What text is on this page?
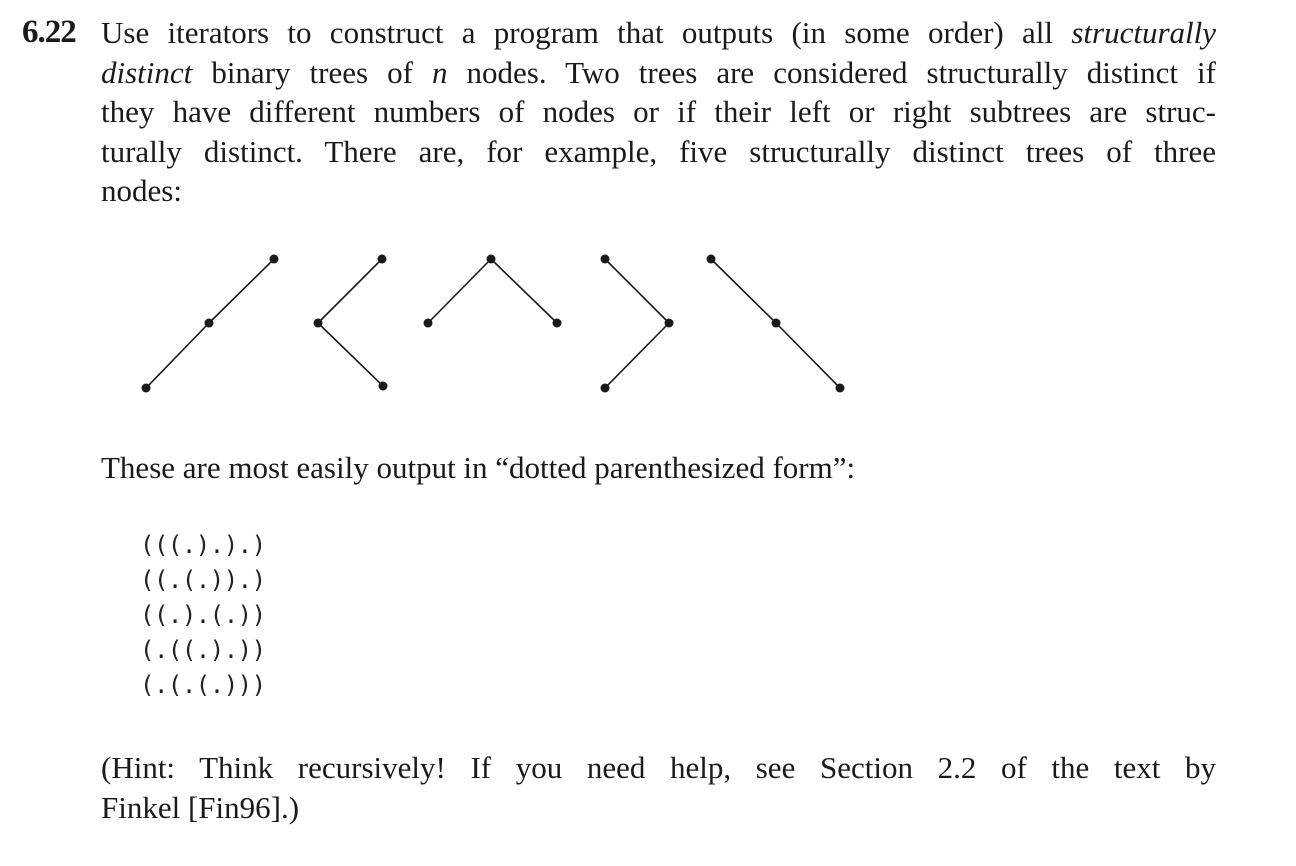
6.22 Use iterators to construct a program that outputs (in some order) all structurally
distinct binary trees of n nodes. Two trees are considered structurally distinct if
they have different numbers of nodes or if their left or right subtrees are struc-
turally distinct. There are, for example, five structurally distinct trees of three
nodes:
These are most easily output in “dotted parenthesized form”:
(((.).).)
((.(.)).)
((.).(.))
(.((.).))
(.(.(.)))
(Hint: Think recursively! If you need help, see Section 2.2 of the text by
Finkel [Fin96].)
